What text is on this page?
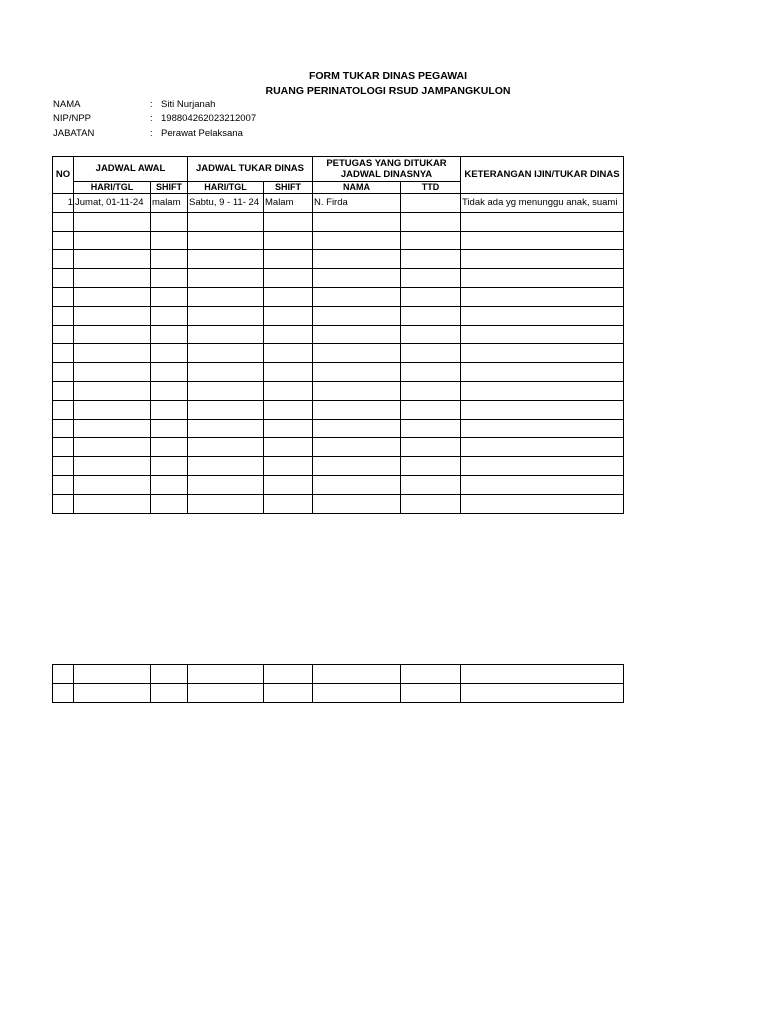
FORM TUKAR DINAS PEGAWAI
RUANG PERINATOLOGI RSUD JAMPANGKULON
NAMA	: Siti Nurjanah
NIP/NPP	: 198804262023212007
JABATAN	: Perawat Pelaksana
NO	JADWAL AWAL		JADWAL TUKAR DINAS		PETUGAS YANG DITUKAR JADWAL DINASNYA		KETERANGAN IJIN/TUKAR DINAS
	HARI/TGL	SHIFT	HARI/TGL	SHIFT	NAMA	TTD	
1	Jumat, 01-11-24	malam	Sabtu, 9 - 11- 24	Malam	N. Firda		Tidak ada yg menunggu anak, suami
